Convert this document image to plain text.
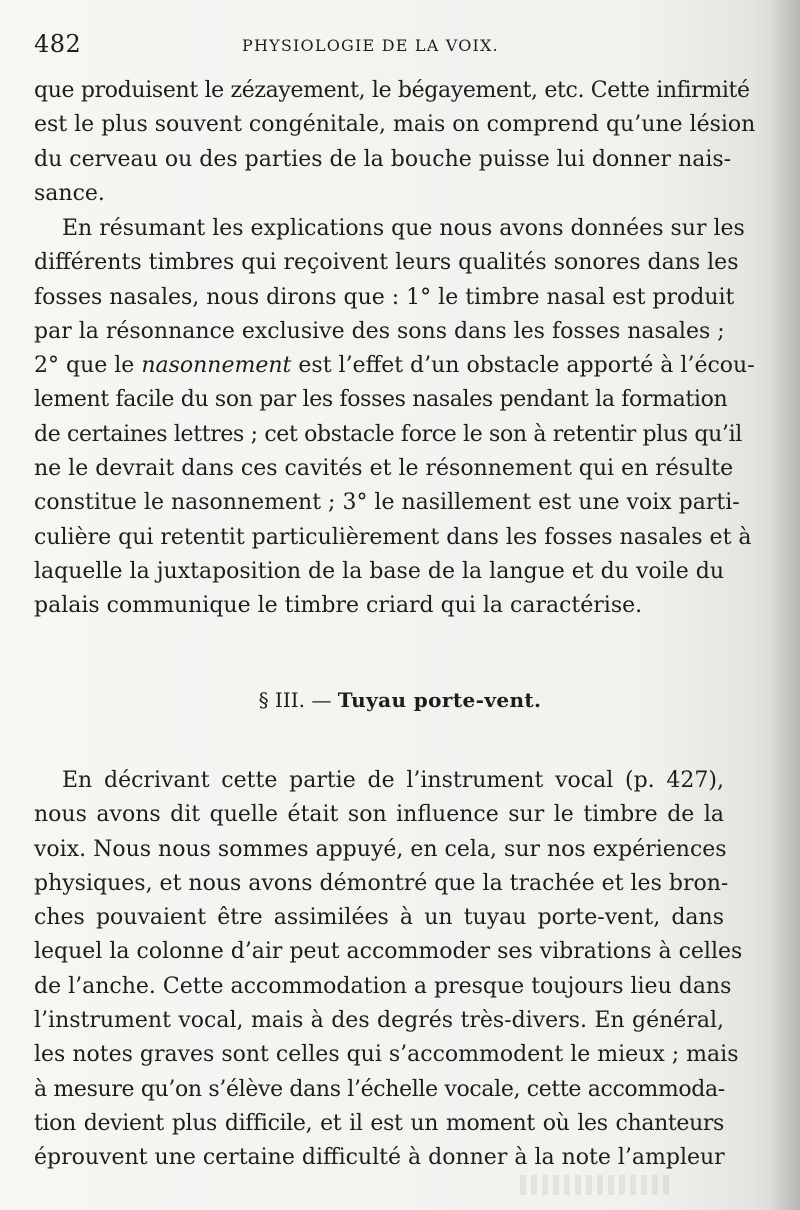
482	PHYSIOLOGIE DE LA VOIX.
que produisent le zézayement, le bégayement, etc. Cette infirmité
est le plus souvent congénitale, mais on comprend qu’une lésion
du cerveau ou des parties de la bouche puisse lui donner nais-
sance.
En résumant les explications que nous avons données sur les
différents timbres qui reçoivent leurs qualités sonores dans les
fosses nasales, nous dirons que : 1° le timbre nasal est produit
par la résonnance exclusive des sons dans les fosses nasales ;
2° que le nasonnement est l’effet d’un obstacle apporté à l’écou-
lement facile du son par les fosses nasales pendant la formation
de certaines lettres ; cet obstacle force le son à retentir plus qu’il
ne le devrait dans ces cavités et le résonnement qui en résulte
constitue le nasonnement ; 3° le nasillement est une voix parti-
culière qui retentit particulièrement dans les fosses nasales et à
laquelle la juxtaposition de la base de la langue et du voile du
palais communique le timbre criard qui la caractérise.
§ III. — Tuyau porte-vent.
En décrivant cette partie de l’instrument vocal (p. 427),
nous avons dit quelle était son influence sur le timbre de la
voix. Nous nous sommes appuyé, en cela, sur nos expériences
physiques, et nous avons démontré que la trachée et les bron-
ches pouvaient être assimilées à un tuyau porte-vent, dans
lequel la colonne d’air peut accommoder ses vibrations à celles
de l’anche. Cette accommodation a presque toujours lieu dans
l’instrument vocal, mais à des degrés très-divers. En général,
les notes graves sont celles qui s’accommodent le mieux ; mais
à mesure qu’on s’élève dans l’échelle vocale, cette accommoda-
tion devient plus difficile, et il est un moment où les chanteurs
éprouvent une certaine difficulté à donner à la note l’ampleur
